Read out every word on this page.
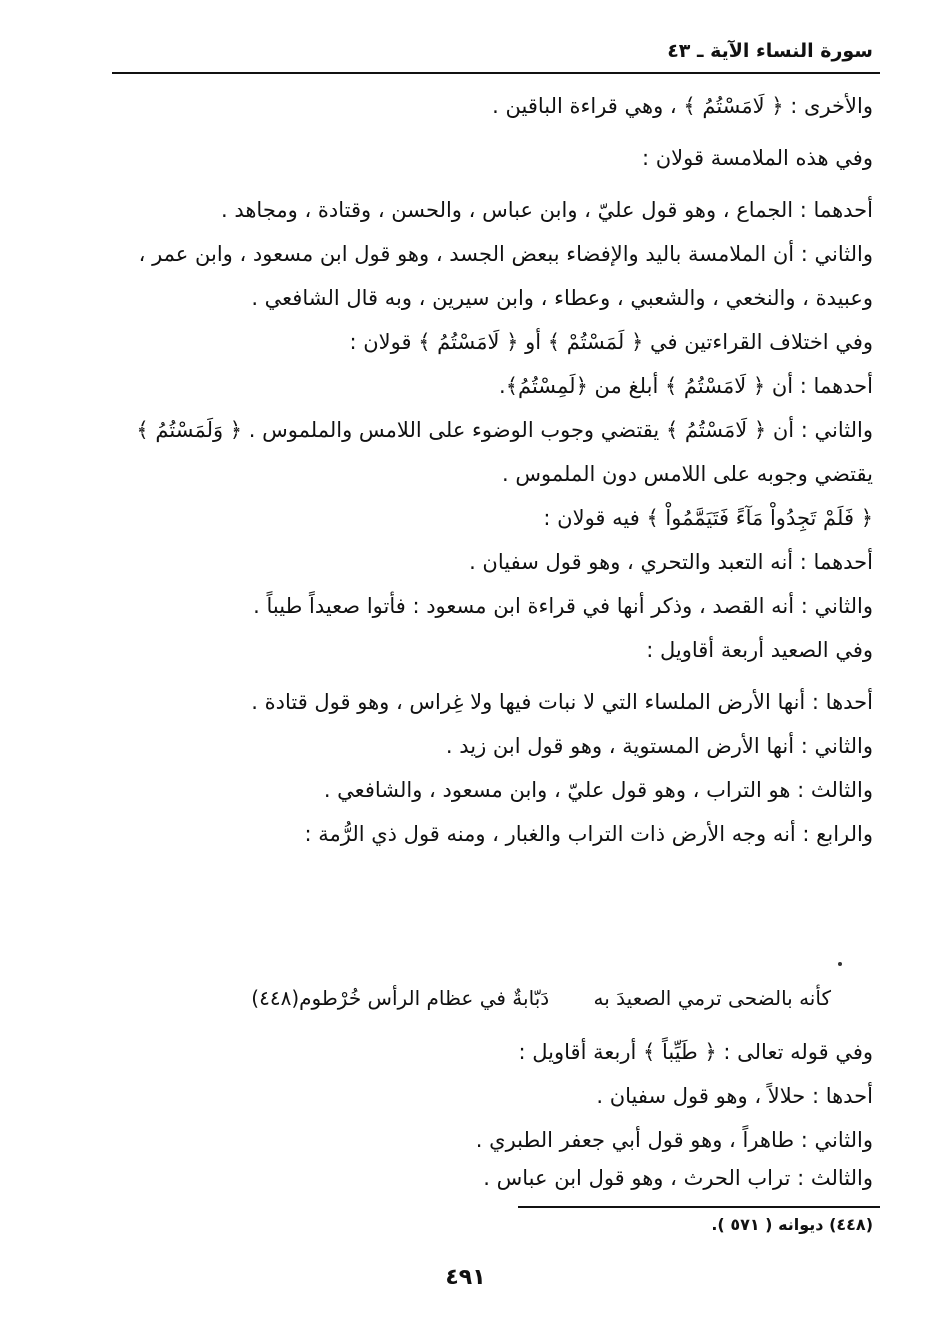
سورة النساء الآية ـ ٤٣
والأخرى : ﴿ لَامَسْتُمُ ﴾ ، وهي قراءة الباقين .
وفي هذه الملامسة قولان :
أحدهما : الجماع ، وهو قول عليّ ، وابن عباس ، والحسن ، وقتادة ، ومجاهد .
والثاني : أن الملامسة باليد والإفضاء ببعض الجسد ، وهو قول ابن مسعود ، وابن عمر ، وعبيدة ، والنخعي ، والشعبي ، وعطاء ، وابن سيرين ، وبه قال الشافعي .
وفي اختلاف القراءتين في ﴿ لَمَسْتُمْ ﴾ أو ﴿ لَامَسْتُمُ ﴾ قولان :
أحدهما : أن ﴿ لَامَسْتُمُ ﴾ أبلغ من ﴿لَمِسْتُمُ﴾.
والثاني : أن ﴿ لَامَسْتُمُ ﴾ يقتضي وجوب الوضوء على اللامس والملموس . ﴿ وَلَمَسْتُمُ ﴾ يقتضي وجوبه على اللامس دون الملموس .
﴿ فَلَمْ تَجِدُواْ مَآءً فَتَيَمَّمُواْ ﴾ فيه قولان :
أحدهما : أنه التعبد والتحري ، وهو قول سفيان .
والثاني : أنه القصد ، وذكر أنها في قراءة ابن مسعود : فأتوا صعيداً طيباً .
وفي الصعيد أربعة أقاويل :
أحدها : أنها الأرض الملساء التي لا نبات فيها ولا غِراس ، وهو قول قتادة .
والثاني : أنها الأرض المستوية ، وهو قول ابن زيد .
والثالث : هو التراب ، وهو قول عليّ ، وابن مسعود ، والشافعي .
والرابع : أنه وجه الأرض ذات التراب والغبار ، ومنه قول ذي الرُّمة :
كأنه بالضحى ترمي الصعيدَ به دَبّابةٌ في عظام الرأس خُرْطوم(٤٤٨)
وفي قوله تعالى : ﴿ طَيِّباً ﴾ أربعة أقاويل :
أحدها : حلالاً ، وهو قول سفيان .
والثاني : طاهراً ، وهو قول أبي جعفر الطبري .
والثالث : تراب الحرث ، وهو قول ابن عباس .
(٤٤٨) ديوانه ( ٥٧١ ).
٤٩١
